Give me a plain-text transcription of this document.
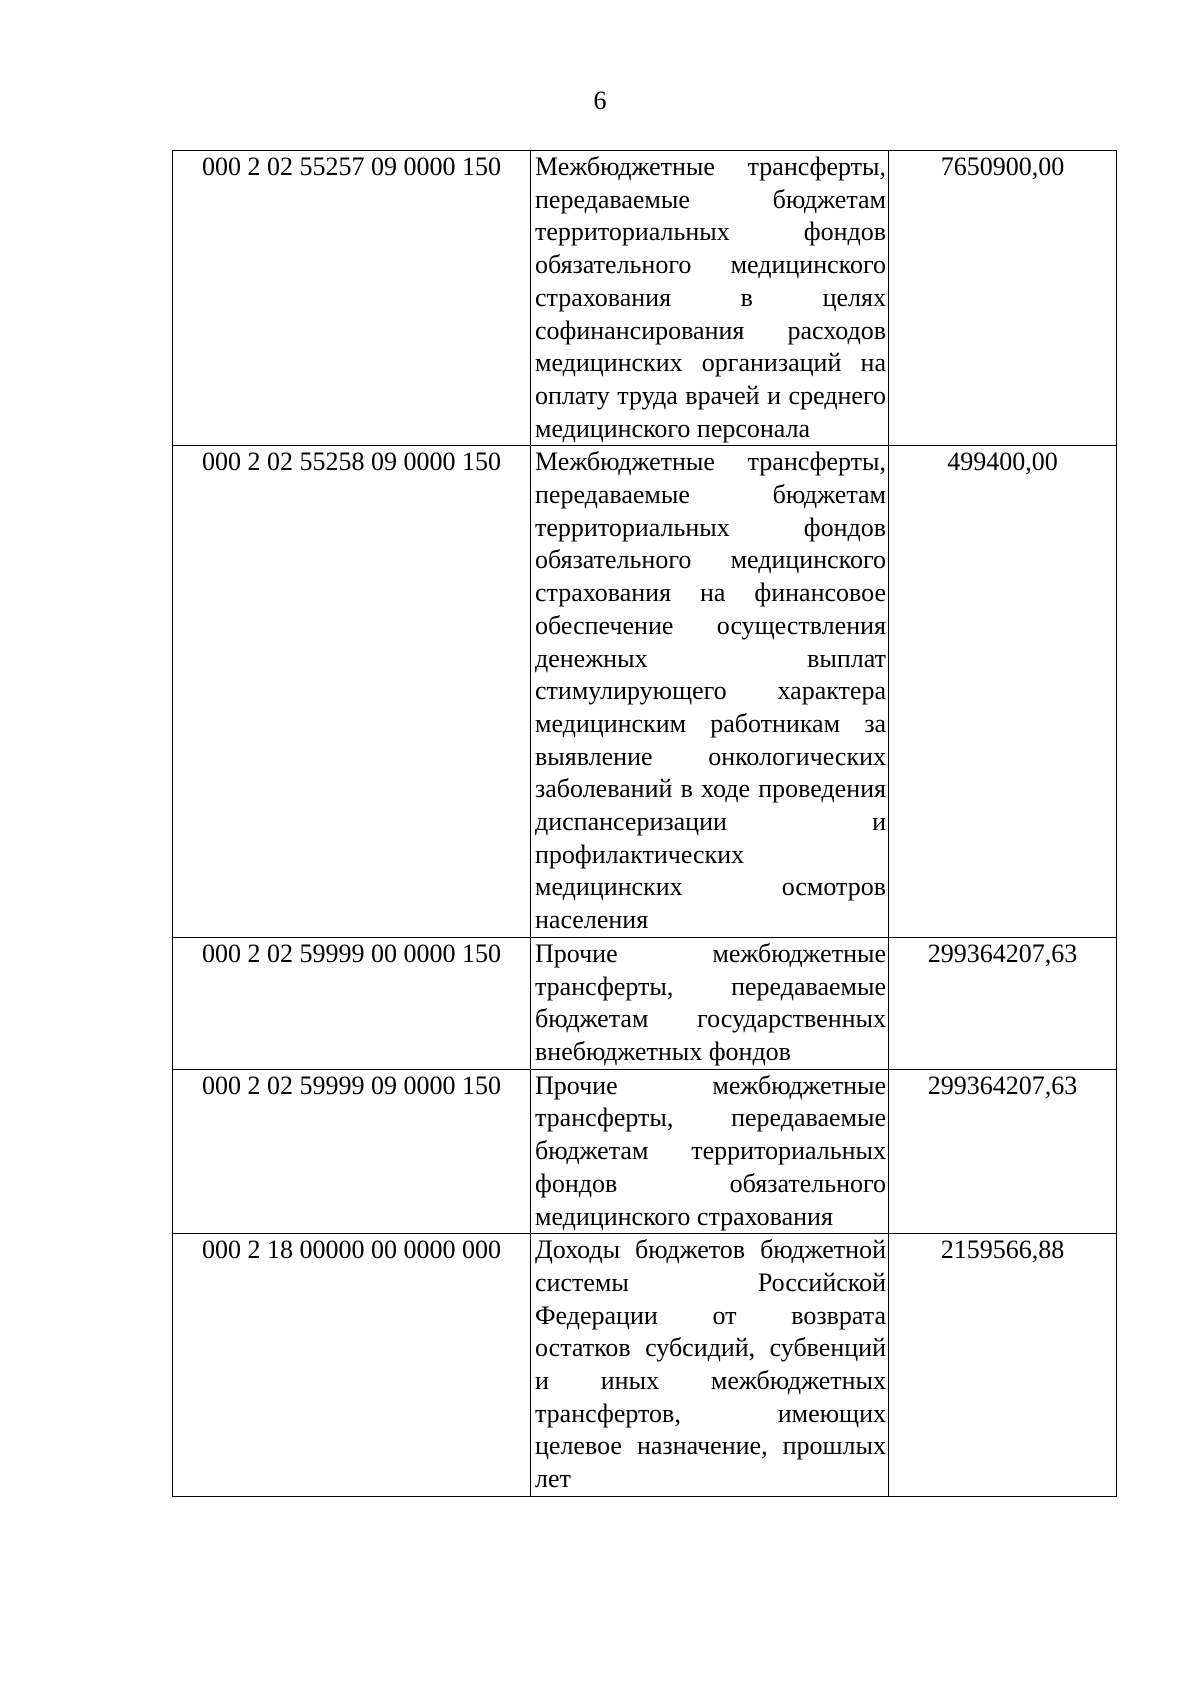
6
000 2 02 55257 09 0000 150	Межбюджетные трансферты, передаваемые бюджетам территориальных фондов обязательного медицинского страхования в целях софинансирования расходов медицинских организаций на оплату труда врачей и среднего медицинского персонала	7650900,00
000 2 02 55258 09 0000 150	Межбюджетные трансферты, передаваемые бюджетам территориальных фондов обязательного медицинского страхования на финансовое обеспечение осуществления денежных выплат стимулирующего характера медицинским работникам за выявление онкологических заболеваний в ходе проведения диспансеризации и профилактических медицинских осмотров населения	499400,00
000 2 02 59999 00 0000 150	Прочие межбюджетные трансферты, передаваемые бюджетам государственных внебюджетных фондов	299364207,63
000 2 02 59999 09 0000 150	Прочие межбюджетные трансферты, передаваемые бюджетам территориальных фондов обязательного медицинского страхования	299364207,63
000 2 18 00000 00 0000 000	Доходы бюджетов бюджетной системы Российской Федерации от возврата остатков субсидий, субвенций и иных межбюджетных трансфертов, имеющих целевое назначение, прошлых лет	2159566,88
